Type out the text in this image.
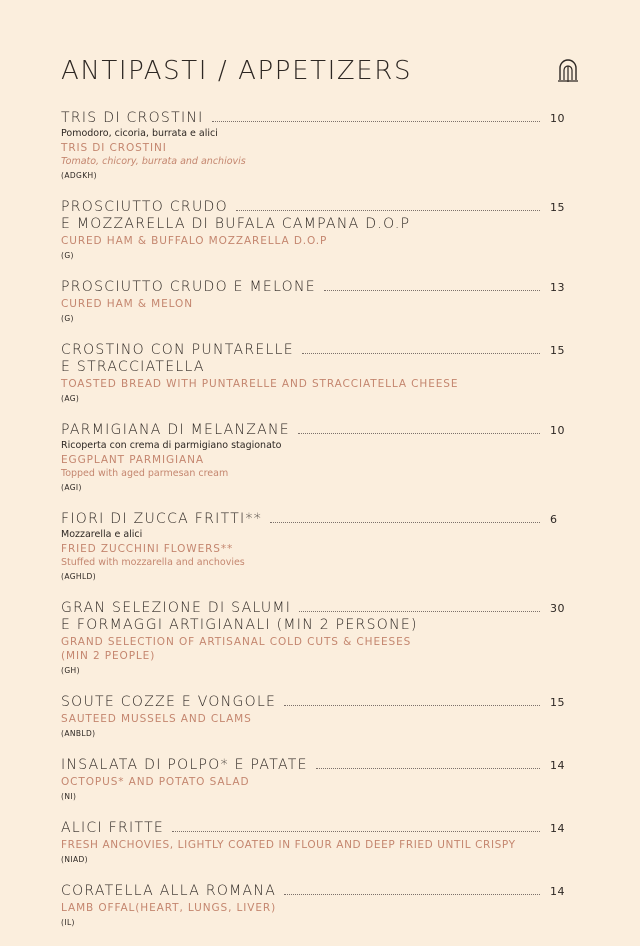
ANTIPASTI / APPETIZERS
TRIS DI CROSTINI	10
Pomodoro, cicoria, burrata e alici
TRIS DI CROSTINI
Tomato, chicory, burrata and anchiovis
(ADGKH)
PROSCIUTTO CRUDO	15
E MOZZARELLA DI BUFALA CAMPANA D.O.P
CURED HAM & BUFFALO MOZZARELLA D.O.P
(G)
PROSCIUTTO CRUDO E MELONE	13
CURED HAM & MELON
(G)
CROSTINO CON PUNTARELLE	15
E STRACCIATELLA
TOASTED BREAD WITH PUNTARELLE AND STRACCIATELLA CHEESE
(AG)
PARMIGIANA DI MELANZANE	10
Ricoperta con crema di parmigiano stagionato
EGGPLANT PARMIGIANA
Topped with aged parmesan cream
(AGI)
FIORI DI ZUCCA FRITTI**	6
Mozzarella e alici
FRIED ZUCCHINI FLOWERS**
Stuffed with mozzarella and anchovies
(AGHLD)
GRAN SELEZIONE DI SALUMI	30
E FORMAGGI ARTIGIANALI (MIN 2 PERSONE)
GRAND SELECTION OF ARTISANAL COLD CUTS & CHEESES
(MIN 2 PEOPLE)
(GH)
SOUTE COZZE E VONGOLE	15
SAUTEED MUSSELS AND CLAMS
(ANBLD)
INSALATA DI POLPO* E PATATE	14
OCTOPUS* AND POTATO SALAD
(NI)
ALICI FRITTE	14
FRESH ANCHOVIES, LIGHTLY COATED IN FLOUR AND DEEP FRIED UNTIL CRISPY
(NIAD)
CORATELLA ALLA ROMANA	14
LAMB OFFAL(HEART, LUNGS, LIVER)
(IL)
